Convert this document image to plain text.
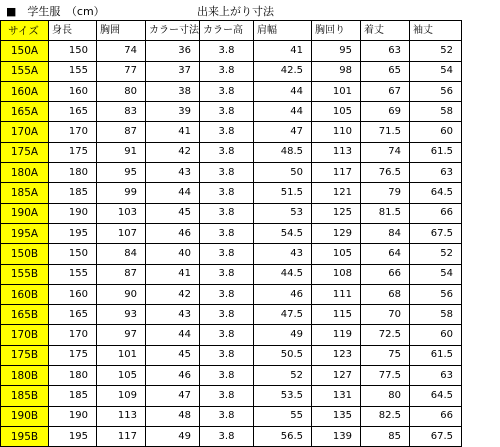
■　学生服　（cm）	出来上がり寸法
サイズ	身長	胸囲	カラー寸法	カラー高	肩幅	胸回り	着丈	袖丈
150A	150	74	36	3.8	41	95	63	52
155A	155	77	37	3.8	42.5	98	65	54
160A	160	80	38	3.8	44	101	67	56
165A	165	83	39	3.8	44	105	69	58
170A	170	87	41	3.8	47	110	71.5	60
175A	175	91	42	3.8	48.5	113	74	61.5
180A	180	95	43	3.8	50	117	76.5	63
185A	185	99	44	3.8	51.5	121	79	64.5
190A	190	103	45	3.8	53	125	81.5	66
195A	195	107	46	3.8	54.5	129	84	67.5
150B	150	84	40	3.8	43	105	64	52
155B	155	87	41	3.8	44.5	108	66	54
160B	160	90	42	3.8	46	111	68	56
165B	165	93	43	3.8	47.5	115	70	58
170B	170	97	44	3.8	49	119	72.5	60
175B	175	101	45	3.8	50.5	123	75	61.5
180B	180	105	46	3.8	52	127	77.5	63
185B	185	109	47	3.8	53.5	131	80	64.5
190B	190	113	48	3.8	55	135	82.5	66
195B	195	117	49	3.8	56.5	139	85	67.5
